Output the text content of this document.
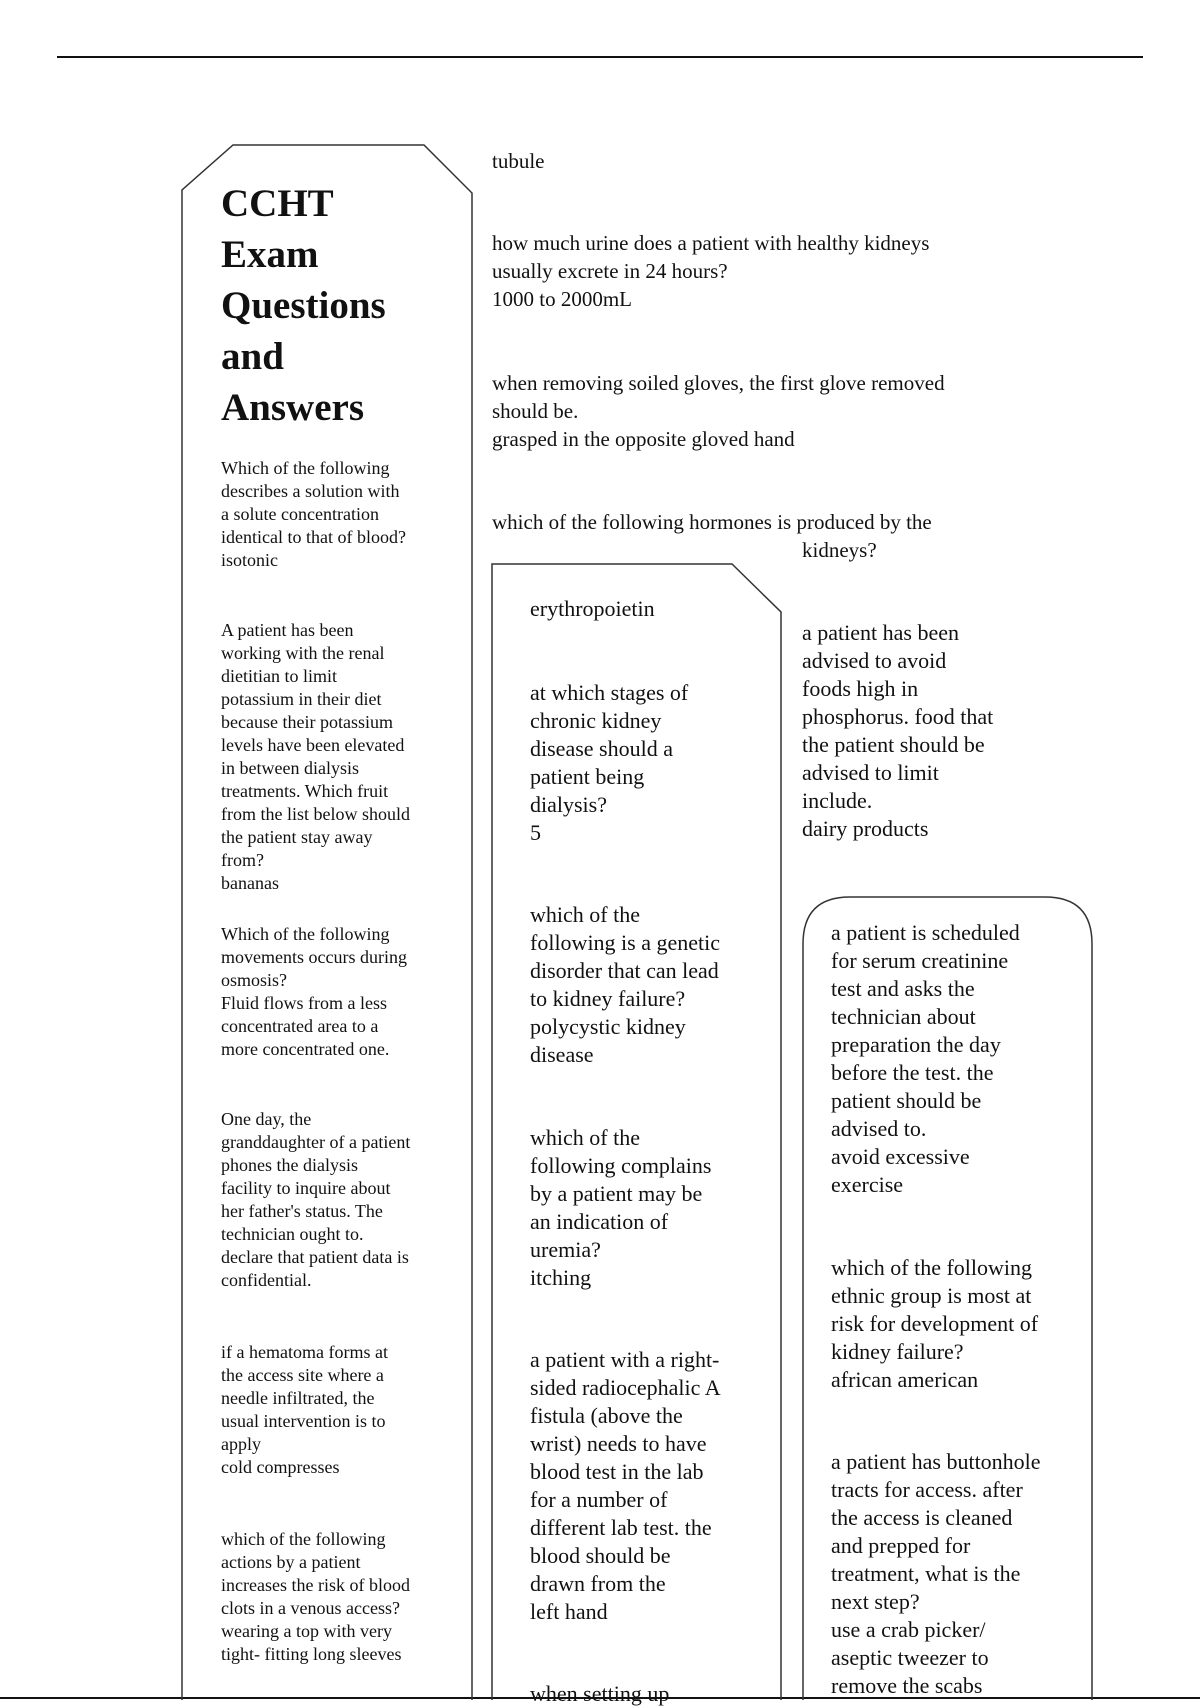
CCHT
Exam
Questions
and
Answers
Which of the following
describes a solution with
a solute concentration
identical to that of blood?
isotonic
A patient has been
working with the renal
dietitian to limit
potassium in their diet
because their potassium
levels have been elevated
in between dialysis
treatments. Which fruit
from the list below should
the patient stay away
from?
bananas
Which of the following
movements occurs during
osmosis?
Fluid flows from a less
concentrated area to a
more concentrated one.
One day, the
granddaughter of a patient
phones the dialysis
facility to inquire about
her father's status. The
technician ought to.
declare that patient data is
confidential.
if a hematoma forms at
the access site where a
needle infiltrated, the
usual intervention is to
apply
cold compresses
which of the following
actions by a patient
increases the risk of blood
clots in a venous access?
wearing a top with very
tight- fitting long sleeves
tubule
how much urine does a patient with healthy kidneys
usually excrete in 24 hours?
1000 to 2000mL
when removing soiled gloves, the first glove removed
should be.
grasped in the opposite gloved hand
which of the following hormones is produced by the
kidneys?
erythropoietin
at which stages of
chronic kidney
disease should a
patient being
dialysis?
5
which of the
following is a genetic
disorder that can lead
to kidney failure?
polycystic kidney
disease
which of the
following complains
by a patient may be
an indication of
uremia?
itching
a patient with a right-
sided radiocephalic A
fistula (above the
wrist) needs to have
blood test in the lab
for a number of
different lab test. the
blood should be
drawn from the
left hand
when setting up
a patient has been
advised to avoid
foods high in
phosphorus. food that
the patient should be
advised to limit
include.
dairy products
a patient is scheduled
for serum creatinine
test and asks the
technician about
preparation the day
before the test. the
patient should be
advised to.
avoid excessive
exercise
which of the following
ethnic group is most at
risk for development of
kidney failure?
african american
a patient has buttonhole
tracts for access. after
the access is cleaned
and prepped for
treatment, what is the
next step?
use a crab picker/
aseptic tweezer to
remove the scabs
